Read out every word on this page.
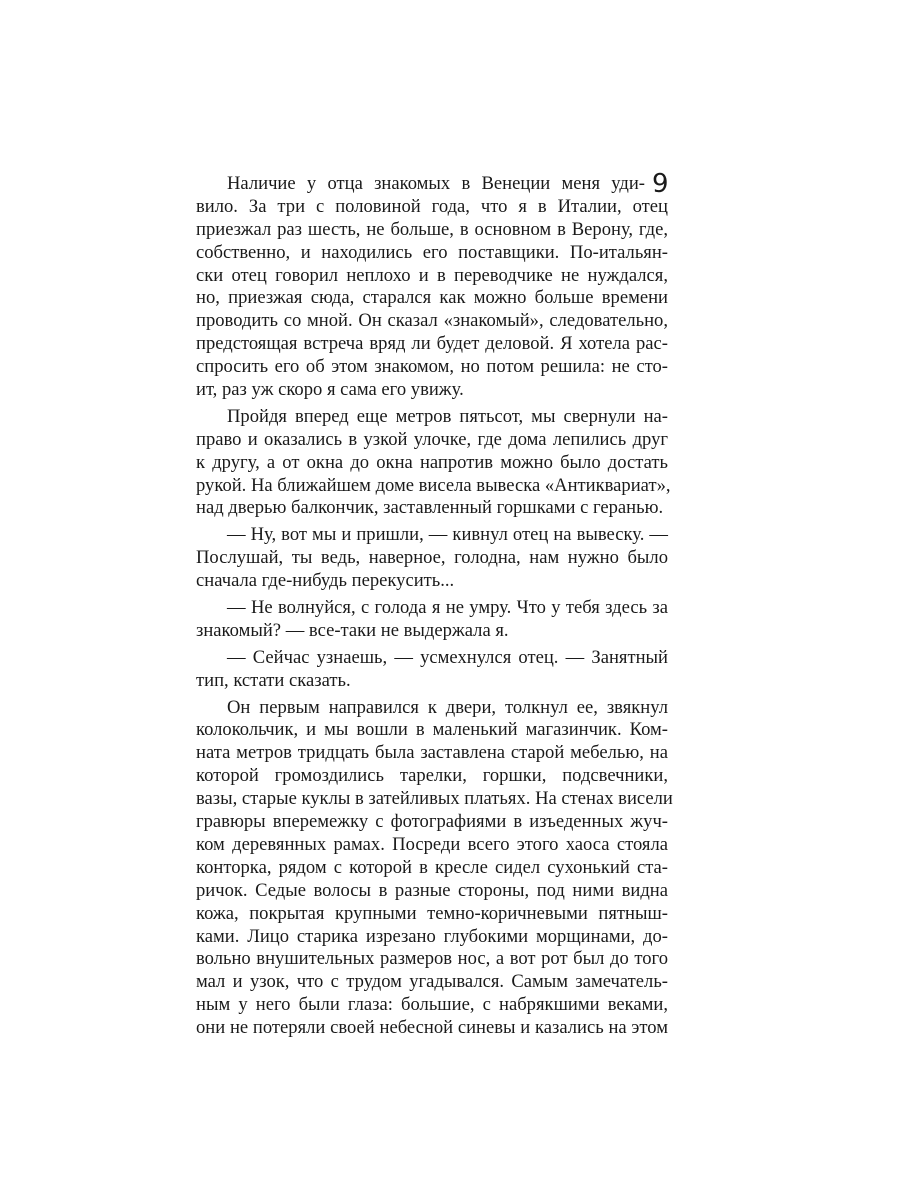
9
Наличие у отца знакомых в Венеции меня уди-
вило. За три с половиной года, что я в Италии, отец
приезжал раз шесть, не больше, в основном в Верону, где,
собственно, и находились его поставщики. По-итальян-
ски отец говорил неплохо и в переводчике не нуждался,
но, приезжая сюда, старался как можно больше времени
проводить со мной. Он сказал «знакомый», следовательно,
предстоящая встреча вряд ли будет деловой. Я хотела рас-
спросить его об этом знакомом, но потом решила: не сто-
ит, раз уж скоро я сама его увижу.
Пройдя вперед еще метров пятьсот, мы свернули на-
право и оказались в узкой улочке, где дома лепились друг
к другу, а от окна до окна напротив можно было достать
рукой. На ближайшем доме висела вывеска «Антиквариат»,
над дверью балкончик, заставленный горшками с геранью.
— Ну, вот мы и пришли, — кивнул отец на вывеску. —
Послушай, ты ведь, наверное, голодна, нам нужно было
сначала где-нибудь перекусить...
— Не волнуйся, с голода я не умру. Что у тебя здесь за
знакомый? — все-таки не выдержала я.
— Сейчас узнаешь, — усмехнулся отец. — Занятный
тип, кстати сказать.
Он первым направился к двери, толкнул ее, звякнул
колокольчик, и мы вошли в маленький магазинчик. Ком-
ната метров тридцать была заставлена старой мебелью, на
которой громоздились тарелки, горшки, подсвечники,
вазы, старые куклы в затейливых платьях. На стенах висели
гравюры вперемежку с фотографиями в изъеденных жуч-
ком деревянных рамах. Посреди всего этого хаоса стояла
конторка, рядом с которой в кресле сидел сухонький ста-
ричок. Седые волосы в разные стороны, под ними видна
кожа, покрытая крупными темно-коричневыми пятныш-
ками. Лицо старика изрезано глубокими морщинами, до-
вольно внушительных размеров нос, а вот рот был до того
мал и узок, что с трудом угадывался. Самым замечатель-
ным у него были глаза: большие, с набрякшими веками,
они не потеряли своей небесной синевы и казались на этом
